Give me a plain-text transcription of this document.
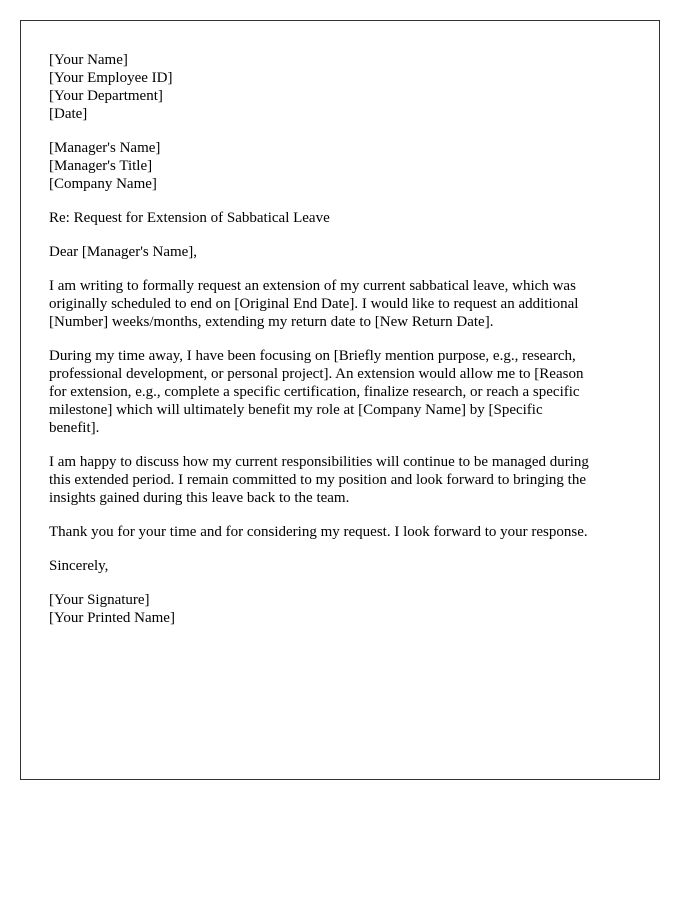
[Your Name]
[Your Employee ID]
[Your Department]
[Date]
[Manager's Name]
[Manager's Title]
[Company Name]

Re: Request for Extension of Sabbatical Leave

Dear [Manager's Name],

I am writing to formally request an extension of my current sabbatical leave, which was
originally scheduled to end on [Original End Date]. I would like to request an additional
[Number] weeks/months, extending my return date to [New Return Date].

During my time away, I have been focusing on [Briefly mention purpose, e.g., research,
professional development, or personal project]. An extension would allow me to [Reason
for extension, e.g., complete a specific certification, finalize research, or reach a specific
milestone] which will ultimately benefit my role at [Company Name] by [Specific
benefit].

I am happy to discuss how my current responsibilities will continue to be managed during
this extended period. I remain committed to my position and look forward to bringing the
insights gained during this leave back to the team.

Thank you for your time and for considering my request. I look forward to your response.

Sincerely,

[Your Signature]
[Your Printed Name]
